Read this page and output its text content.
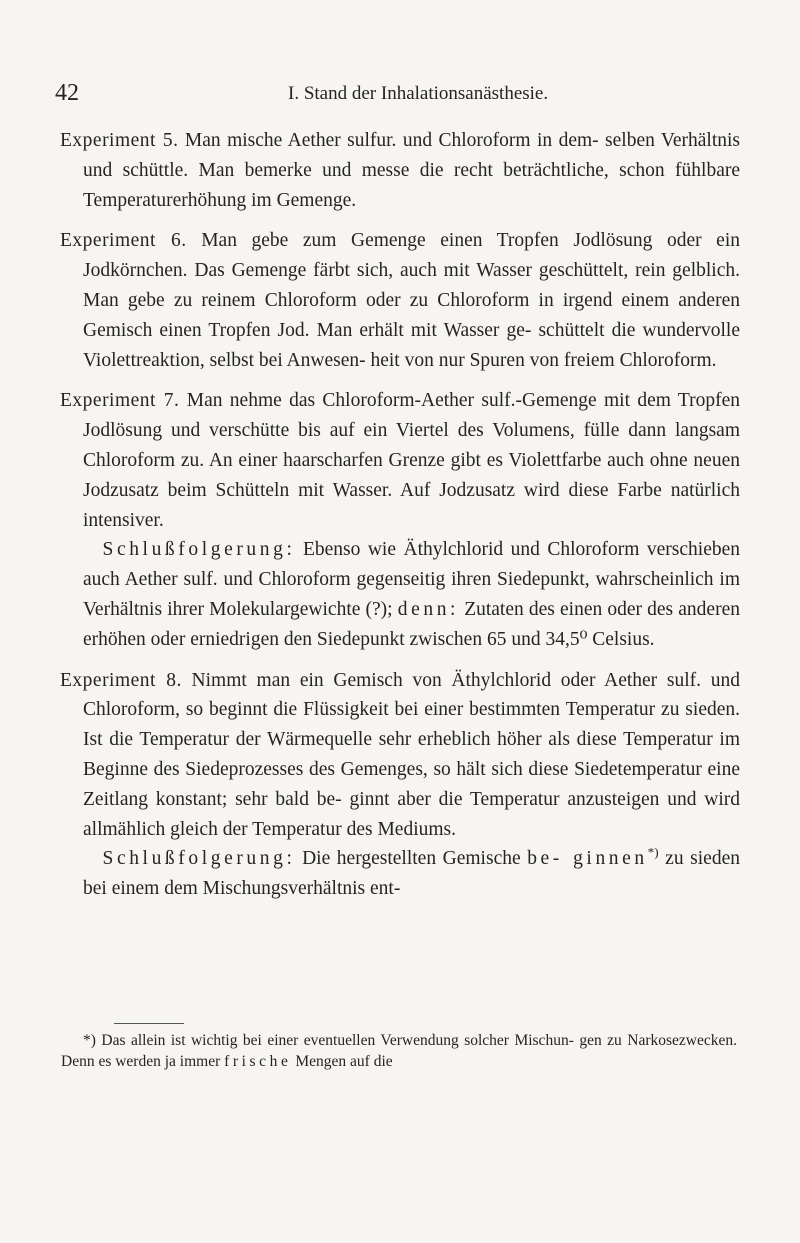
42	I. Stand der Inhalationsanästhesie.

Experiment 5. Man mische Aether sulfur. und Chloroform in dem- selben Verhältnis und schüttle. Man bemerke und messe die recht beträchtliche, schon fühlbare Temperaturerhöhung im Gemenge.

Experiment 6. Man gebe zum Gemenge einen Tropfen Jodlösung oder ein Jodkörnchen. Das Gemenge färbt sich, auch mit Wasser geschüttelt, rein gelblich. Man gebe zu reinem Chloroform oder zu Chloroform in irgend einem anderen Gemisch einen Tropfen Jod. Man erhält mit Wasser ge- schüttelt die wundervolle Violettreaktion, selbst bei Anwesen- heit von nur Spuren von freiem Chloroform.

Experiment 7. Man nehme das Chloroform-Aether sulf.-Gemenge mit dem Tropfen Jodlösung und verschütte bis auf ein Viertel des Volumens, fülle dann langsam Chloroform zu. An einer haarscharfen Grenze gibt es Violettfarbe auch ohne neuen Jodzusatz beim Schütteln mit Wasser. Auf Jodzusatz wird diese Farbe natürlich intensiver.

 Schlußfolgerung: Ebenso wie Äthylchlorid und Chloroform verschieben auch Aether sulf. und Chloroform gegenseitig ihren Siedepunkt, wahrscheinlich im Verhältnis ihrer Molekulargewichte (?); denn: Zutaten des einen oder des anderen erhöhen oder erniedrigen den Siedepunkt zwischen 65 und 34,5⁰ Celsius.

Experiment 8. Nimmt man ein Gemisch von Äthylchlorid oder Aether sulf. und Chloroform, so beginnt die Flüssigkeit bei einer bestimmten Temperatur zu sieden. Ist die Temperatur der Wärmequelle sehr erheblich höher als diese Temperatur im Beginne des Siedeprozesses des Gemenges, so hält sich diese Siedetemperatur eine Zeitlang konstant; sehr bald be- ginnt aber die Temperatur anzusteigen und wird allmählich gleich der Temperatur des Mediums.

 Schlußfolgerung: Die hergestellten Gemische be- ginnen*) zu sieden bei einem dem Mischungsverhältnis ent-

*) Das allein ist wichtig bei einer eventuellen Verwendung solcher Mischun- gen zu Narkosezwecken. Denn es werden ja immer frische Mengen auf die
